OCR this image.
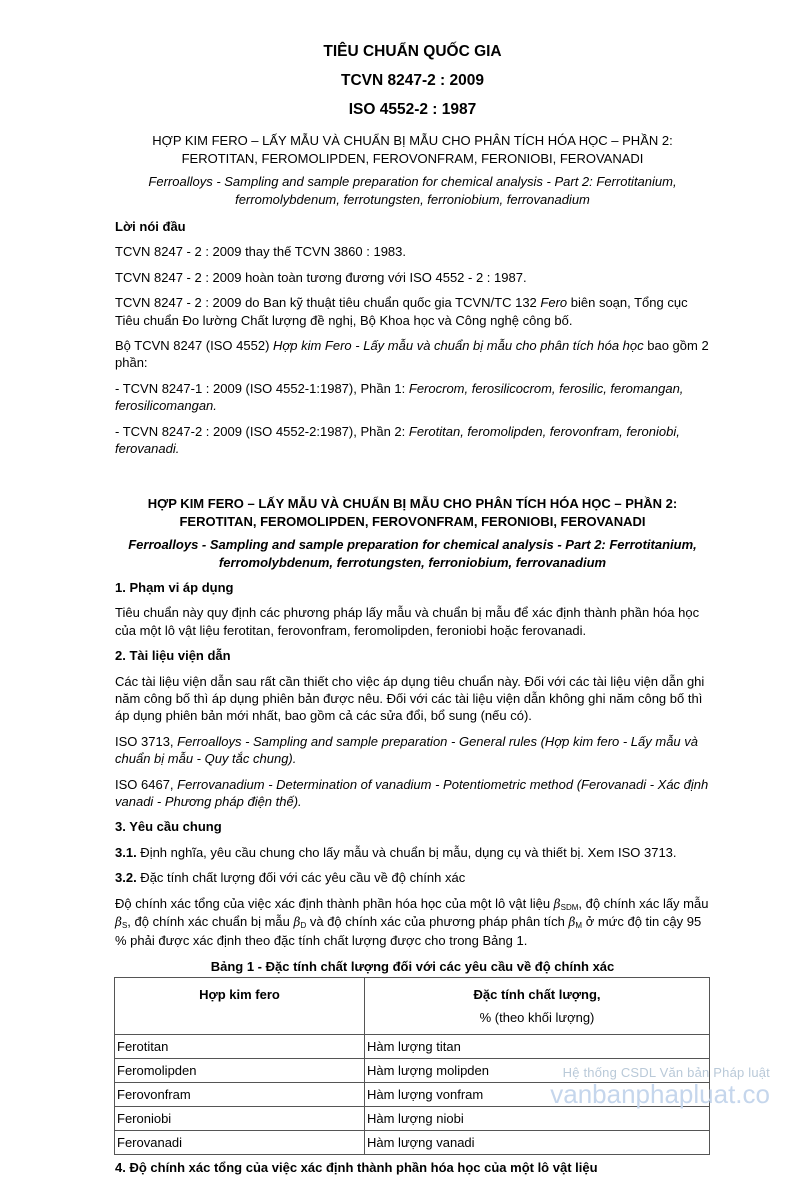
TIÊU CHUẨN QUỐC GIA

TCVN 8247-2 : 2009

ISO 4552-2 : 1987

HỢP KIM FERO – LẤY MẪU VÀ CHUẨN BỊ MẪU CHO PHÂN TÍCH HÓA HỌC – PHẦN 2: FEROTITAN, FEROMOLIPDEN, FEROVONFRAM, FERONIOBI, FEROVANADI

Ferroalloys - Sampling and sample preparation for chemical analysis - Part 2: Ferrotitanium, ferromolybdenum, ferrotungsten, ferroniobium, ferrovanadium

Lời nói đầu

TCVN 8247 - 2 : 2009 thay thế TCVN 3860 : 1983.

TCVN 8247 - 2 : 2009 hoàn toàn tương đương với ISO 4552 - 2 : 1987.

TCVN 8247 - 2 : 2009 do Ban kỹ thuật tiêu chuẩn quốc gia TCVN/TC 132 Fero biên soạn, Tổng cục Tiêu chuẩn Đo lường Chất lượng đề nghị, Bộ Khoa học và Công nghệ công bố.

Bộ TCVN 8247 (ISO 4552) Hợp kim Fero - Lấy mẫu và chuẩn bị mẫu cho phân tích hóa học bao gồm 2 phần:

- TCVN 8247-1 : 2009 (ISO 4552-1:1987), Phần 1: Ferocrom, ferosilicocrom, ferosilic, feromangan, ferosilicomangan.

- TCVN 8247-2 : 2009 (ISO 4552-2:1987), Phần 2: Ferotitan, feromolipden, ferovonfram, feroniobi, ferovanadi.

HỢP KIM FERO – LẤY MẪU VÀ CHUẨN BỊ MẪU CHO PHÂN TÍCH HÓA HỌC – PHẦN 2: FEROTITAN, FEROMOLIPDEN, FEROVONFRAM, FERONIOBI, FEROVANADI

Ferroalloys - Sampling and sample preparation for chemical analysis - Part 2: Ferrotitanium, ferromolybdenum, ferrotungsten, ferroniobium, ferrovanadium

1. Phạm vi áp dụng

Tiêu chuẩn này quy định các phương pháp lấy mẫu và chuẩn bị mẫu để xác định thành phần hóa học của một lô vật liệu ferotitan, ferovonfram, feromolipden, feroniobi hoặc ferovanadi.

2. Tài liệu viện dẫn

Các tài liệu viện dẫn sau rất cần thiết cho việc áp dụng tiêu chuẩn này. Đối với các tài liệu viện dẫn ghi năm công bố thì áp dụng phiên bản được nêu. Đối với các tài liệu viện dẫn không ghi năm công bố thì áp dụng phiên bản mới nhất, bao gồm cả các sửa đổi, bổ sung (nếu có).

ISO 3713, Ferroalloys - Sampling and sample preparation - General rules (Hợp kim fero - Lấy mẫu và chuẩn bị mẫu - Quy tắc chung).

ISO 6467, Ferrovanadium - Determination of vanadium - Potentiometric method (Ferovanadi - Xác định vanadi - Phương pháp điện thế).

3. Yêu cầu chung

3.1. Định nghĩa, yêu cầu chung cho lấy mẫu và chuẩn bị mẫu, dụng cụ và thiết bị. Xem ISO 3713.

3.2. Đặc tính chất lượng đối với các yêu cầu về độ chính xác

Độ chính xác tổng của việc xác định thành phần hóa học của một lô vật liệu $\beta_{SDM}$, độ chính xác lấy mẫu $\beta_S$, độ chính xác chuẩn bị mẫu $\beta_D$ và độ chính xác của phương pháp phân tích $\beta_M$ ở mức độ tin cậy 95 % phải được xác định theo đặc tính chất lượng được cho trong Bảng 1.

Bảng 1 - Đặc tính chất lượng đối với các yêu cầu về độ chính xác

Hợp kim fero	Đặc tính chất lượng,
% (theo khối lượng)

Ferotitan	Hàm lượng titan
Feromolipden	Hàm lượng molipden
Ferovonfram	Hàm lượng vonfram
Feroniobi	Hàm lượng niobi
Ferovanadi	Hàm lượng vanadi

4. Độ chính xác tổng của việc xác định thành phần hóa học của một lô vật liệu

Hệ thống CSDL Văn bản Pháp luật
vanbanphapluat.co
